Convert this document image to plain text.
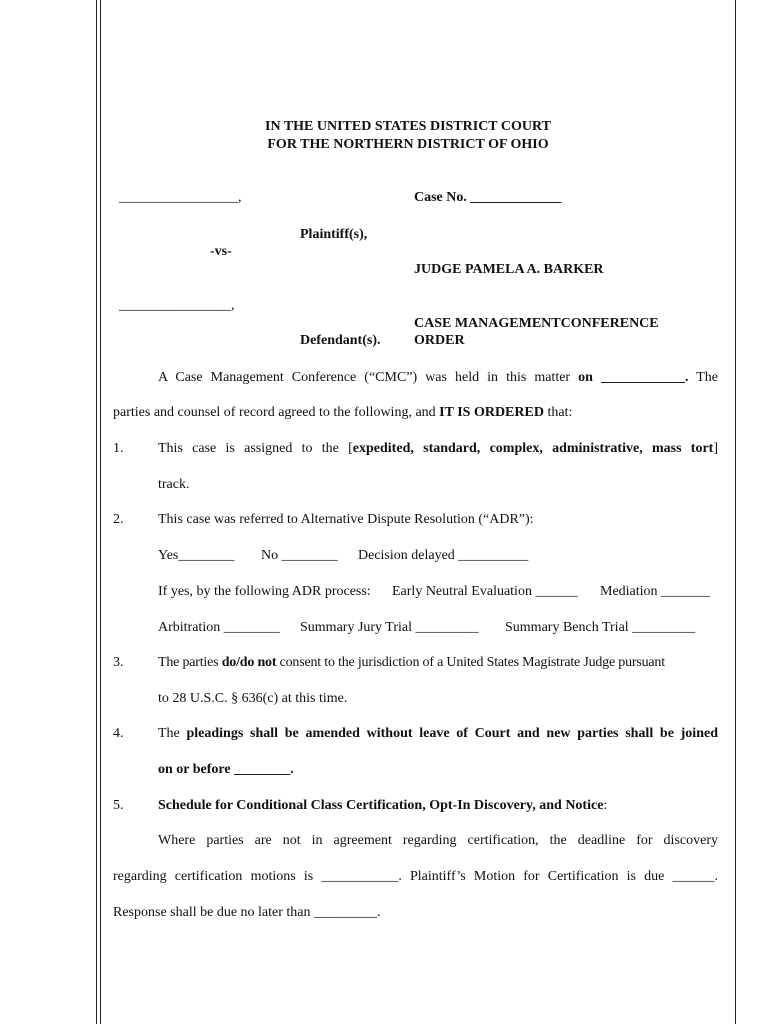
IN THE UNITED STATES DISTRICT COURT
FOR THE NORTHERN DISTRICT OF OHIO
_________________,	Case No. _____________
Plaintiff(s),
-vs-
JUDGE PAMELA A. BARKER
________________,
CASE MANAGEMENTCONFERENCE
Defendant(s). ORDER
A Case Management Conference (“CMC”) was held in this matter on ____________. The
parties and counsel of record agreed to the following, and IT IS ORDERED that:
1. This case is assigned to the [expedited, standard, complex, administrative, mass tort]
track.
2. This case was referred to Alternative Dispute Resolution (“ADR”):
Yes________ No ________ Decision delayed __________
If yes, by the following ADR process: Early Neutral Evaluation ______ Mediation _______
Arbitration ________ Summary Jury Trial _________ Summary Bench Trial _________
3. The parties do/do not consent to the jurisdiction of a United States Magistrate Judge pursuant
to 28 U.S.C. § 636(c) at this time.
4. The pleadings shall be amended without leave of Court and new parties shall be joined
on or before ________.
5. Schedule for Conditional Class Certification, Opt-In Discovery, and Notice:
Where parties are not in agreement regarding certification, the deadline for discovery
regarding certification motions is ___________. Plaintiff’s Motion for Certification is due ______.
Response shall be due no later than _________.
